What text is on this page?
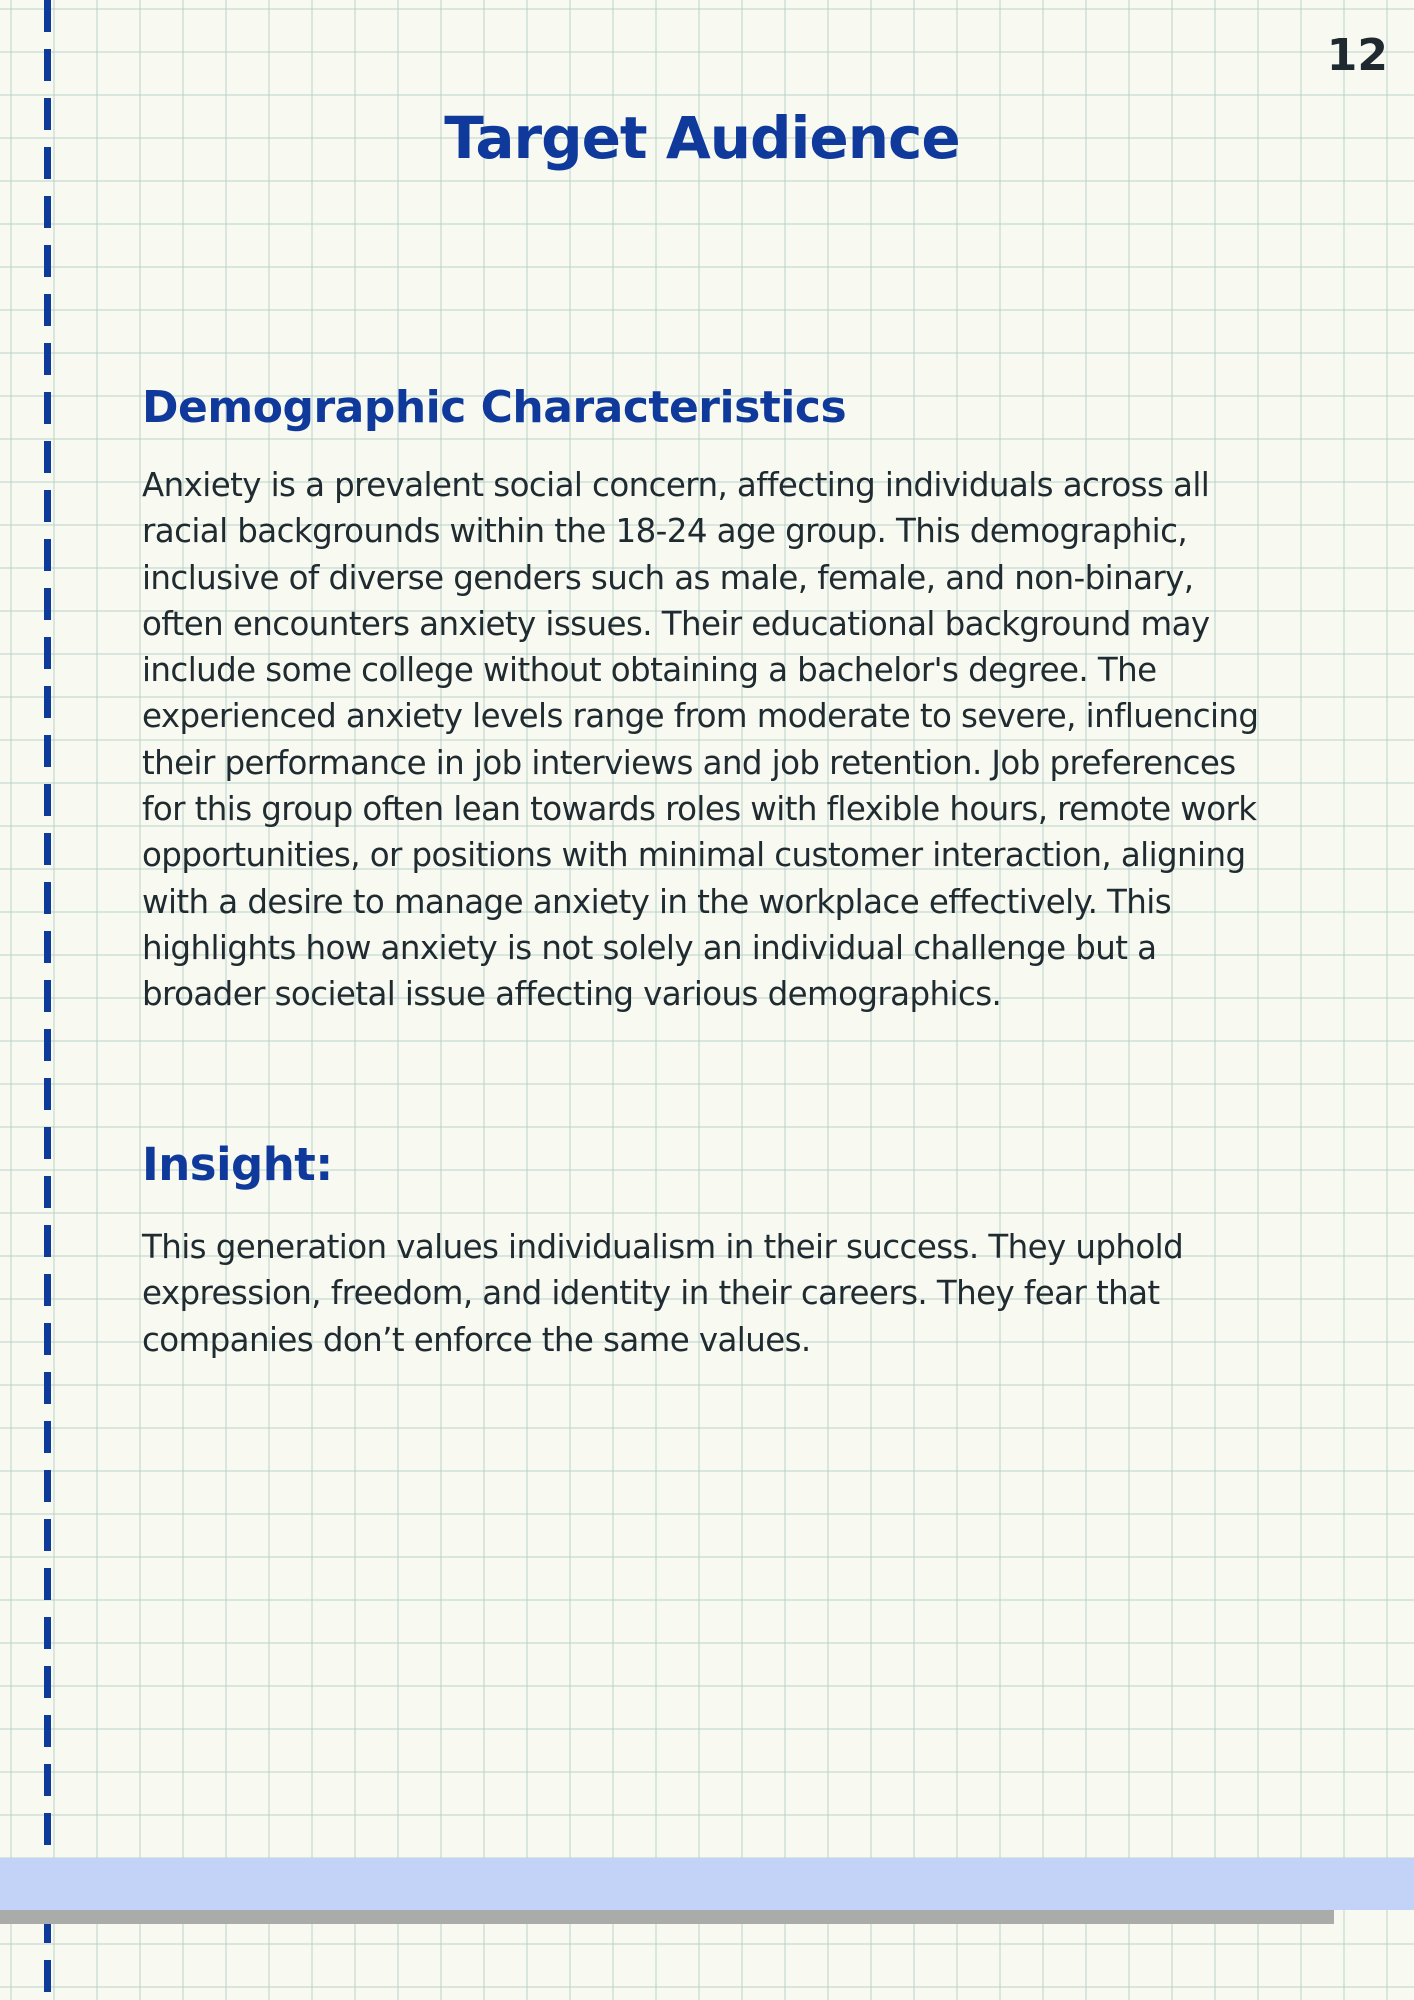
12

Target Audience
Demographic Characteristics

Anxiety is a prevalent social concern, affecting individuals across all racial backgrounds within the 18-24 age group. This demographic, inclusive of diverse genders such as male, female, and non-binary, often encounters anxiety issues. Their educational background may include some college without obtaining a bachelor's degree. The experienced anxiety levels range from moderate to severe, influencing their performance in job interviews and job retention. Job preferences for this group often lean towards roles with flexible hours, remote work opportunities, or positions with minimal customer interaction, aligning with a desire to manage anxiety in the workplace effectively. This highlights how anxiety is not solely an individual challenge but a broader societal issue affecting various demographics.

Insight:

This generation values individualism in their success. They uphold expression, freedom, and identity in their careers. They fear that companies don’t enforce the same values.
